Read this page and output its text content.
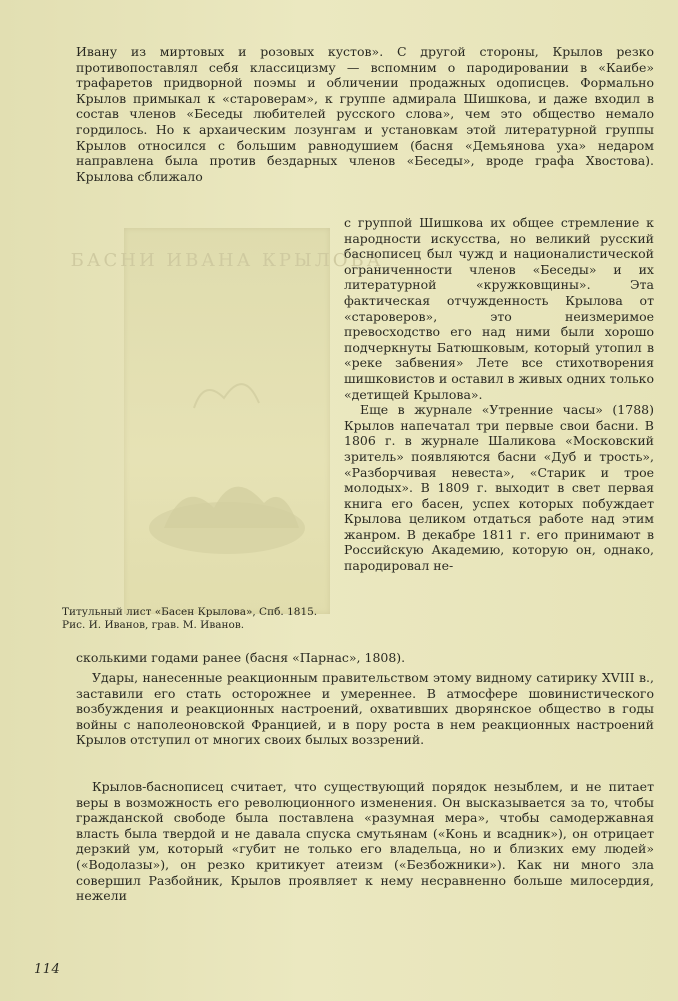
Ивану из миртовых и розовых кустов». С другой стороны, Крылов резко противопоставлял себя классицизму — вспомним о пародировании в «Каибе» трафаретов придворной поэмы и обличении продажных одописцев. Формально Крылов примыкал к «староверам», к группе адмирала Шишкова, и даже входил в состав членов «Беседы любителей русского слова», чем это общество немало гордилось. Но к архаическим лозунгам и установкам этой литературной группы Крылов относился с большим равнодушием (басня «Демьянова уха» недаром направлена была против бездарных членов «Беседы», вроде графа Хвостова). Крылова сближало

БАСНИ ИВАНА КРЫЛОВА
с группой Шишкова их общее стремление к народности искусства, но великий русский баснописец был чужд и националистической ограниченности членов «Беседы» и их литературной «кружковщины». Эта фактическая отчужденность Крылова от «староверов», это неизмеримое превосходство его над ними были хорошо подчеркнуты Батюшковым, который утопил в «реке забвения» Лете все стихотворения шишковистов и оставил в живых одних только «детищей Крылова».
Еще в журнале «Утренние часы» (1788) Крылов напечатал три первые свои басни. В 1806 г. в журнале Шаликова «Московский зритель» появляются басни «Дуб и трость», «Разборчивая невеста», «Старик и трое молодых». В 1809 г. выходит в свет первая книга его басен, успех которых побуждает Крылова целиком отдаться работе над этим жанром. В декабре 1811 г. его принимают в Российскую Академию, которую он, однако, пародировал не-

Титульный лист «Басен Крылова», Спб. 1815. Рис. И. Иванов, грав. М. Иванов.

сколькими годами ранее (басня «Парнас», 1808).

Удары, нанесенные реакционным правительством этому видному сатирику XVIII в., заставили его стать осторожнее и умереннее. В атмосфере шовинистического возбуждения и реакционных настроений, охвативших дворянское общество в годы войны с наполеоновской Францией, и в пору роста в нем реакционных настроений Крылов отступил от многих своих былых воззрений.

Крылов-баснописец считает, что существующий порядок незыблем, и не питает веры в возможность его революционного изменения. Он высказывается за то, чтобы гражданской свободе была поставлена «разумная мера», чтобы самодержавная власть была твердой и не давала спуска смутьянам («Конь и всадник»), он отрицает дерзкий ум, который «губит не только его владельца, но и близких ему людей» («Водолазы»), он резко критикует атеизм («Безбожники»). Как ни много зла совершил Разбойник, Крылов проявляет к нему несравненно больше милосердия, нежели

114
